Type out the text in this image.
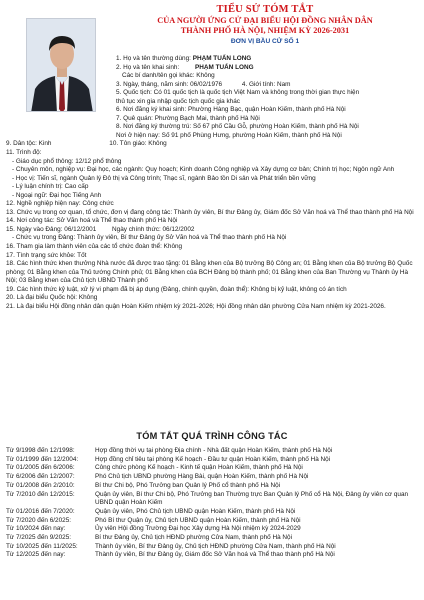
TIỂU SỬ TÓM TẮT
CỦA NGƯỜI ỨNG CỬ ĐẠI BIỂU HỘI ĐỒNG NHÂN DÂN
THÀNH PHỐ HÀ NỘI, NHIỆM KỲ 2026-2031
ĐƠN VỊ BẦU CỬ SỐ 1
1. Họ và tên thường dùng: PHẠM TUẤN LONG
2. Họ và tên khai sinh: PHẠM TUẤN LONG
Các bí danh/tên gọi khác: Không
3. Ngày, tháng, năm sinh: 06/02/1976	4. Giới tính: Nam
5. Quốc tịch: Có 01 quốc tịch là quốc tịch Việt Nam và không trong thời gian thực hiện
thủ tục xin gia nhập quốc tịch quốc gia khác
6. Nơi đăng ký khai sinh: Phường Hàng Bạc, quận Hoàn Kiếm, thành phố Hà Nội
7. Quê quán: Phường Bạch Mai, thành phố Hà Nội
8. Nơi đăng ký thường trú: Số 67 phố Cầu Gỗ, phường Hoàn Kiếm, thành phố Hà Nội
Nơi ở hiện nay: Số 91 phố Phùng Hưng, phường Hoàn Kiếm, thành phố Hà Nội
9. Dân tộc: Kinh	10. Tôn giáo: Không
11. Trình độ:
- Giáo dục phổ thông: 12/12 phổ thông
- Chuyên môn, nghiệp vụ: Đại học, các ngành: Quy hoạch; Kinh doanh Công nghiệp và Xây dựng cơ bản; Chính trị học; Ngôn ngữ Anh
- Học vị: Tiến sĩ, ngành Quản lý Đô thị và Công trình; Thạc sĩ, ngành Bảo tồn Di sản và Phát triển bền vững
- Lý luận chính trị: Cao cấp
- Ngoại ngữ: Đại học Tiếng Anh
12. Nghề nghiệp hiện nay: Công chức
13. Chức vụ trong cơ quan, tổ chức, đơn vị đang công tác: Thành ủy viên, Bí thư Đảng ủy, Giám đốc Sở Văn hoá và Thể thao thành phố Hà Nội
14. Nơi công tác: Sở Văn hoá và Thể thao thành phố Hà Nội
15. Ngày vào Đảng: 06/12/2001 Ngày chính thức: 06/12/2002
- Chức vụ trong Đảng: Thành ủy viên, Bí thư Đảng ủy Sở Văn hoá và Thể thao thành phố Hà Nội
16. Tham gia làm thành viên của các tổ chức đoàn thể: Không
17. Tình trạng sức khỏe: Tốt
18. Các hình thức khen thưởng Nhà nước đã được trao tặng: 01 Bằng khen của Bộ trưởng Bộ Công an; 01 Bằng khen của Bộ trưởng Bộ Quốc phòng; 01 Bằng khen của Thủ tướng Chính phủ; 01 Bằng khen của BCH Đảng bộ thành phố; 01 Bằng khen của Ban Thường vụ Thành ủy Hà Nội; 03 Bằng khen của Chủ tịch UBND Thành phố
19. Các hình thức kỷ luật, xử lý vi phạm đã bị áp dụng (Đảng, chính quyền, đoàn thể): Không bị kỷ luật, không có án tích
20. Là đại biểu Quốc hội: Không
21. Là đại biểu Hội đồng nhân dân quận Hoàn Kiếm nhiệm kỳ 2021-2026; Hội đồng nhân dân phường Cửa Nam nhiệm kỳ 2021-2026.
TÓM TẮT QUÁ TRÌNH CÔNG TÁC
Từ 9/1998 đến 12/1998:	Hợp đồng thời vụ tại phòng Địa chính - Nhà đất quận Hoàn Kiếm, thành phố Hà Nội
Từ 01/1999 đến 12/2004:	Hợp đồng chỉ tiêu tại phòng Kế hoạch - Đầu tư quận Hoàn Kiếm, thành phố Hà Nội
Từ 01/2005 đến 6/2006:	Công chức phòng Kế hoạch - Kinh tế quận Hoàn Kiếm, thành phố Hà Nội
Từ 6/2006 đến 12/2007:	Phó Chủ tịch UBND phường Hàng Bài, quận Hoàn Kiếm, thành phố Hà Nội
Từ 01/2008 đến 2/2010:	Bí thư Chi bộ, Phó Trưởng ban Quản lý Phố cổ thành phố Hà Nội
Từ 7/2010 đến 12/2015:	Quận ủy viên, Bí thư Chi bộ, Phó Trưởng ban Thường trực Ban Quản lý Phố cổ Hà Nội, Đảng ủy viên cơ quan UBND quận Hoàn Kiếm
Từ 01/2016 đến 7/2020:	Quận ủy viên, Phó Chủ tịch UBND quận Hoàn Kiếm, thành phố Hà Nội
Từ 7/2020 đến 6/2025:	Phó Bí thư Quận ủy, Chủ tịch UBND quận Hoàn Kiếm, thành phố Hà Nội
Từ 10/2024 đến nay:	Ủy viên Hội đồng Trường Đại học Xây dựng Hà Nội nhiệm kỳ 2024-2029
Từ 7/2025 đến 9/2025:	Bí thư Đảng ủy, Chủ tịch HĐND phường Cửa Nam, thành phố Hà Nội
Từ 10/2025 đến 11/2025:	Thành ủy viên, Bí thư Đảng ủy, Chủ tịch HĐND phường Cửa Nam, thành phố Hà Nội
Từ 12/2025 đến nay:	Thành ủy viên, Bí thư Đảng ủy, Giám đốc Sở Văn hoá và Thể thao thành phố Hà Nội
